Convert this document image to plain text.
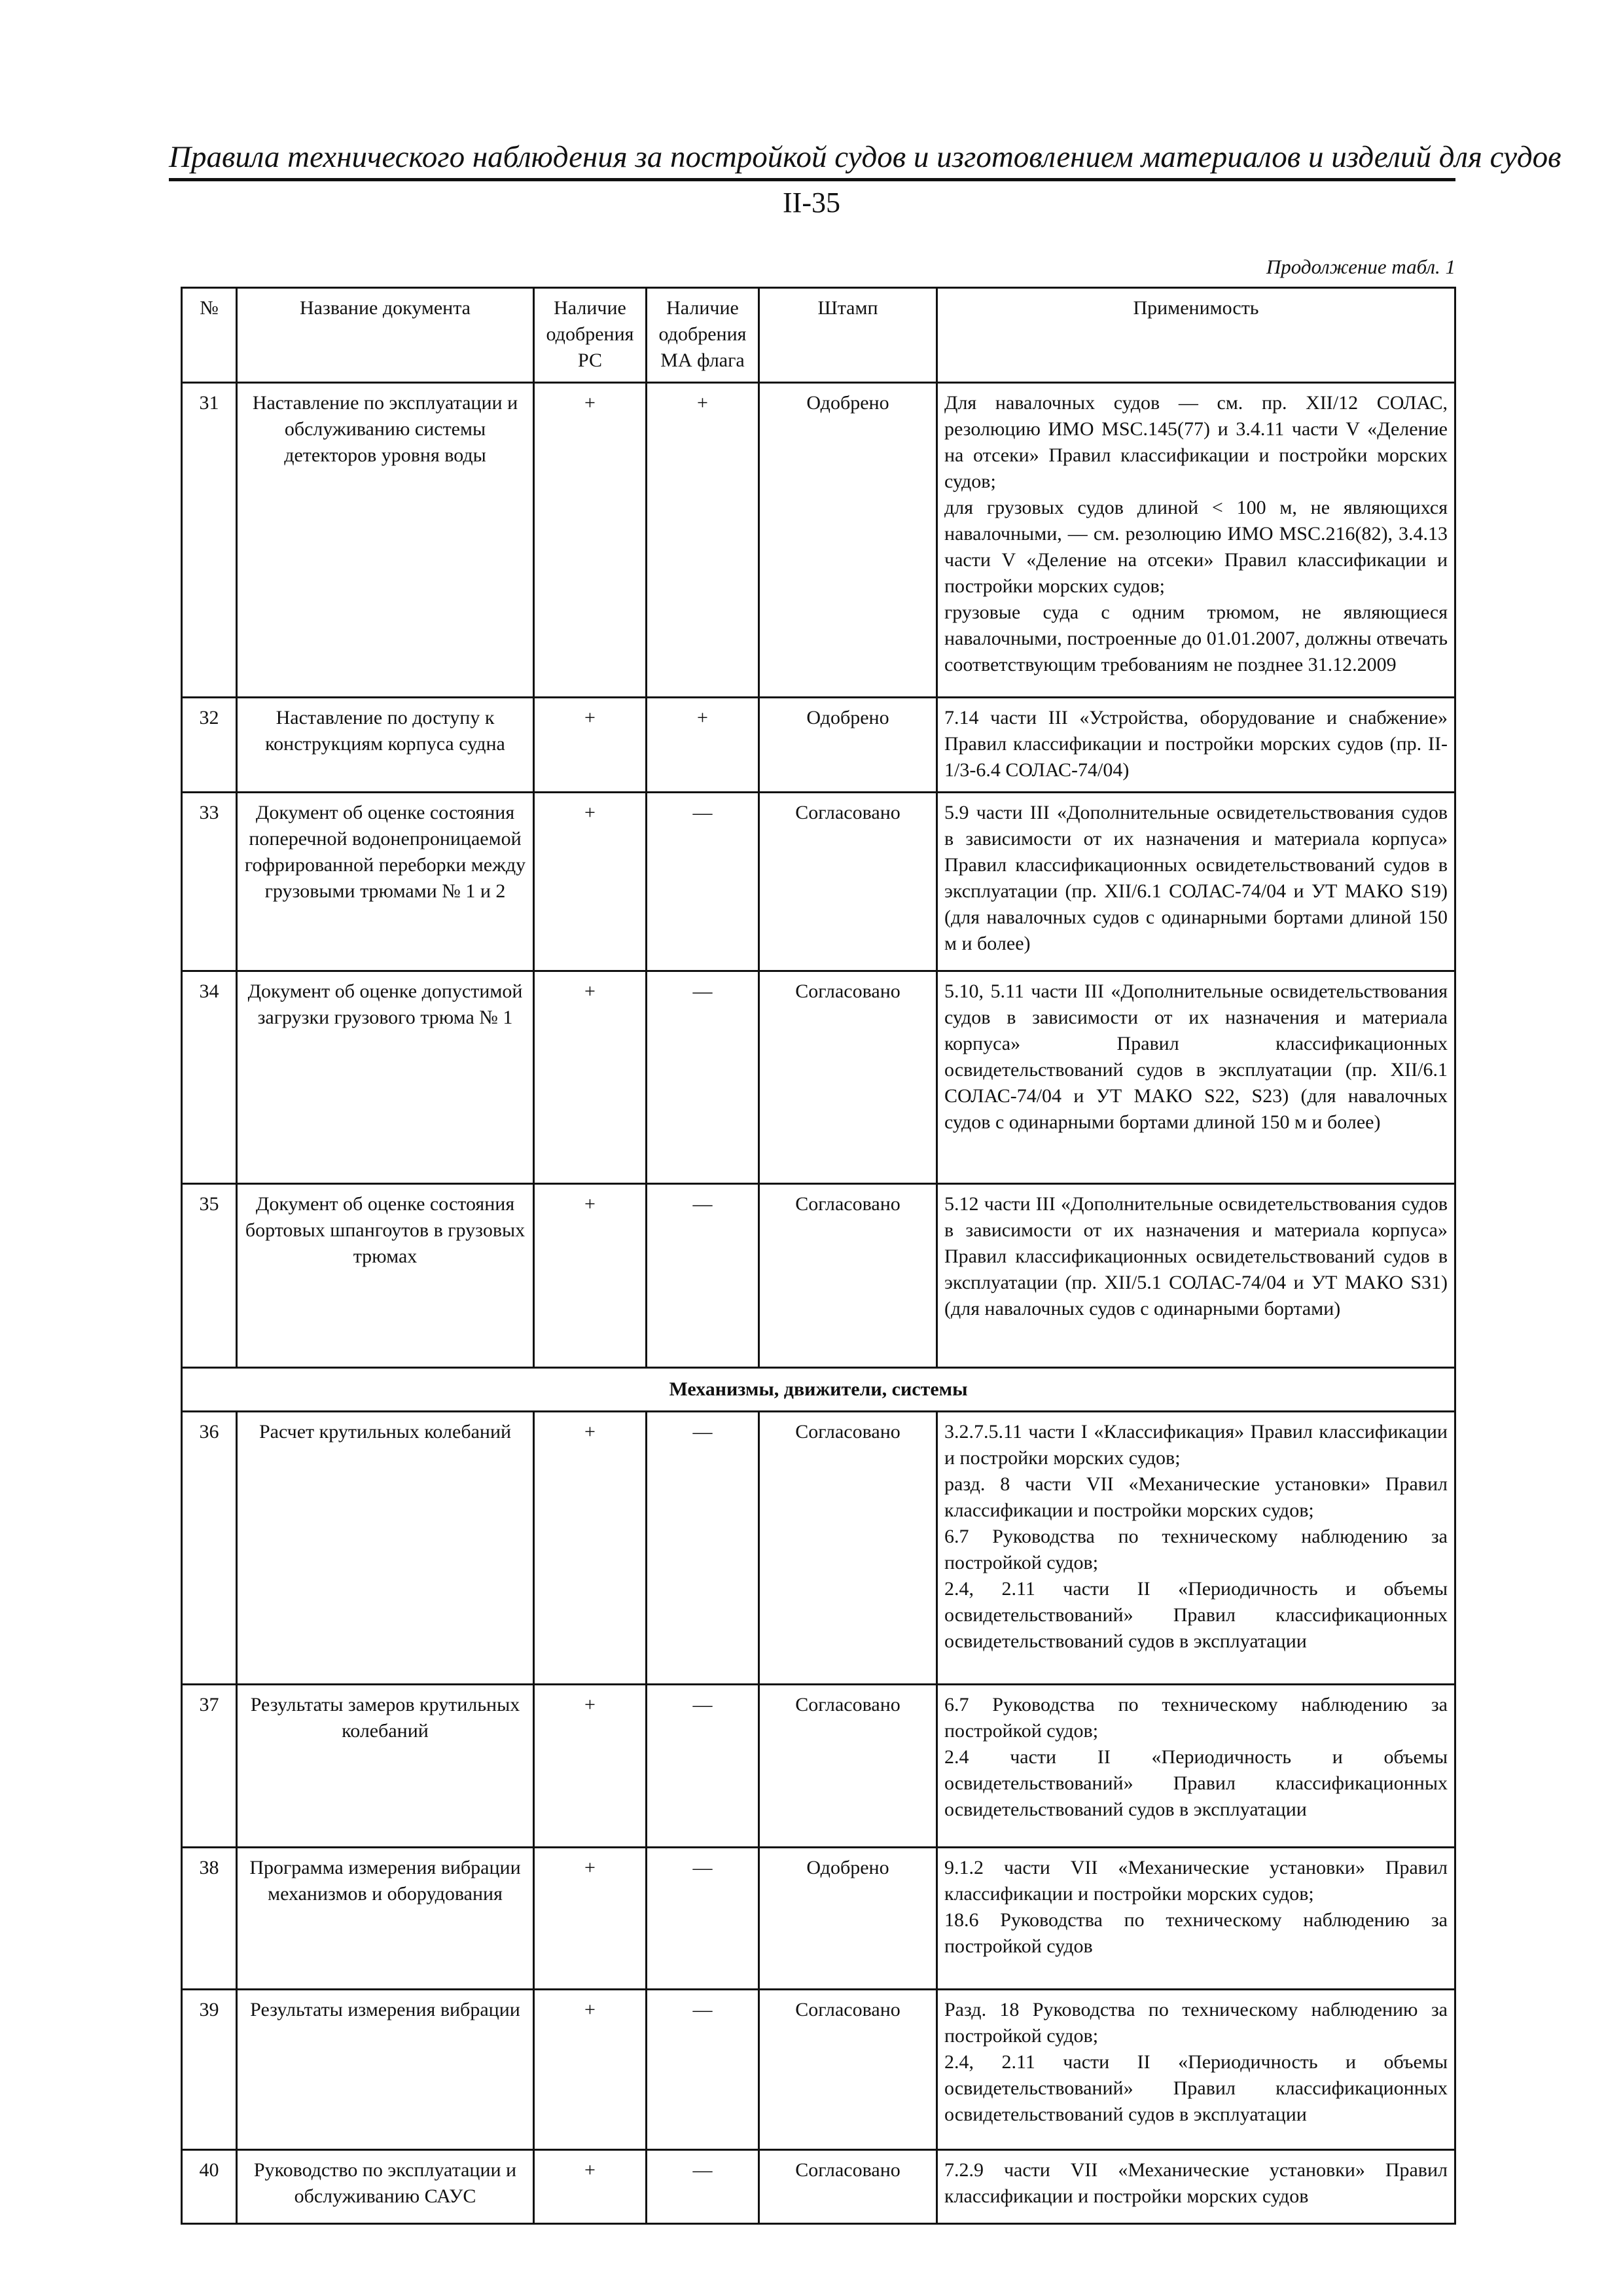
Правила технического наблюдения за постройкой судов и изготовлением материалов и изделий для судов
II-35
Продолжение табл. 1
№	Название документа	Наличие одобрения РС	Наличие одобрения МА флага	Штамп	Применимость
31	Наставление по эксплуатации и обслуживанию системы детекторов уровня воды	+	+	Одобрено	Для навалочных судов — см. пр. XII/12 СОЛАС, резолюцию ИМО MSC.145(77) и 3.4.11 части V «Деление на отсеки» Правил классификации и постройки морских судов;
для грузовых судов длиной < 100 м, не являющихся навалочными, — см. резолюцию ИМО MSC.216(82), 3.4.13 части V «Деление на отсеки» Правил классификации и постройки морских судов;
грузовые суда с одним трюмом, не являющиеся навалочными, построенные до 01.01.2007, должны отвечать соответствующим требованиям не позднее 31.12.2009

32	Наставление по доступу к конструкциям корпуса судна	+	+	Одобрено	7.14 части III «Устройства, оборудование и снабжение» Правил классификации и постройки морских судов (пр. II-1/3-6.4 СОЛАС-74/04)

33	Документ об оценке состояния поперечной водонепроницаемой гофрированной переборки между грузовыми трюмами № 1 и 2	+	—	Согласовано	5.9 части III «Дополнительные освидетельствования судов в зависимости от их назначения и материала корпуса» Правил классификационных освидетельствований судов в эксплуатации (пр. XII/6.1 СОЛАС-74/04 и УТ МАКО S19) (для навалочных судов с одинарными бортами длиной 150 м и более)

34	Документ об оценке допустимой загрузки грузового трюма № 1	+	—	Согласовано	5.10, 5.11 части III «Дополнительные освидетельствования судов в зависимости от их назначения и материала корпуса» Правил классификационных освидетельствований судов в эксплуатации (пр. XII/6.1 СОЛАС-74/04 и УТ МАКО S22, S23) (для навалочных судов с одинарными бортами длиной 150 м и более)

35	Документ об оценке состояния бортовых шпангоутов в грузовых трюмах	+	—	Согласовано	5.12 части III «Дополнительные освидетельствования судов в зависимости от их назначения и материала корпуса» Правил классификационных освидетельствований судов в эксплуатации (пр. XII/5.1 СОЛАС-74/04 и УТ МАКО S31) (для навалочных судов с одинарными бортами)

Механизмы, движители, системы					
36	Расчет крутильных колебаний	+	—	Согласовано	3.2.7.5.11 части I «Классификация» Правил классификации и постройки морских судов;
разд. 8 части VII «Механические установки» Правил классификации и постройки морских судов;
6.7 Руководства по техническому наблюдению за постройкой судов;
2.4, 2.11 части II «Периодичность и объемы освидетельствований» Правил классификационных освидетельствований судов в эксплуатации

37	Результаты замеров крутильных колебаний	+	—	Согласовано	6.7 Руководства по техническому наблюдению за постройкой судов;
2.4 части II «Периодичность и объемы освидетельствований» Правил классификационных освидетельствований судов в эксплуатации

38	Программа измерения вибрации механизмов и оборудования	+	—	Одобрено	9.1.2 части VII «Механические установки» Правил классификации и постройки морских судов;
18.6 Руководства по техническому наблюдению за постройкой судов

39	Результаты измерения вибрации	+	—	Согласовано	Разд. 18 Руководства по техническому наблюдению за постройкой судов;
2.4, 2.11 части II «Периодичность и объемы освидетельствований» Правил классификационных освидетельствований судов в эксплуатации

40	Руководство по эксплуатации и обслуживанию САУС	+	—	Согласовано	7.2.9 части VII «Механические установки» Правил классификации и постройки морских судов
